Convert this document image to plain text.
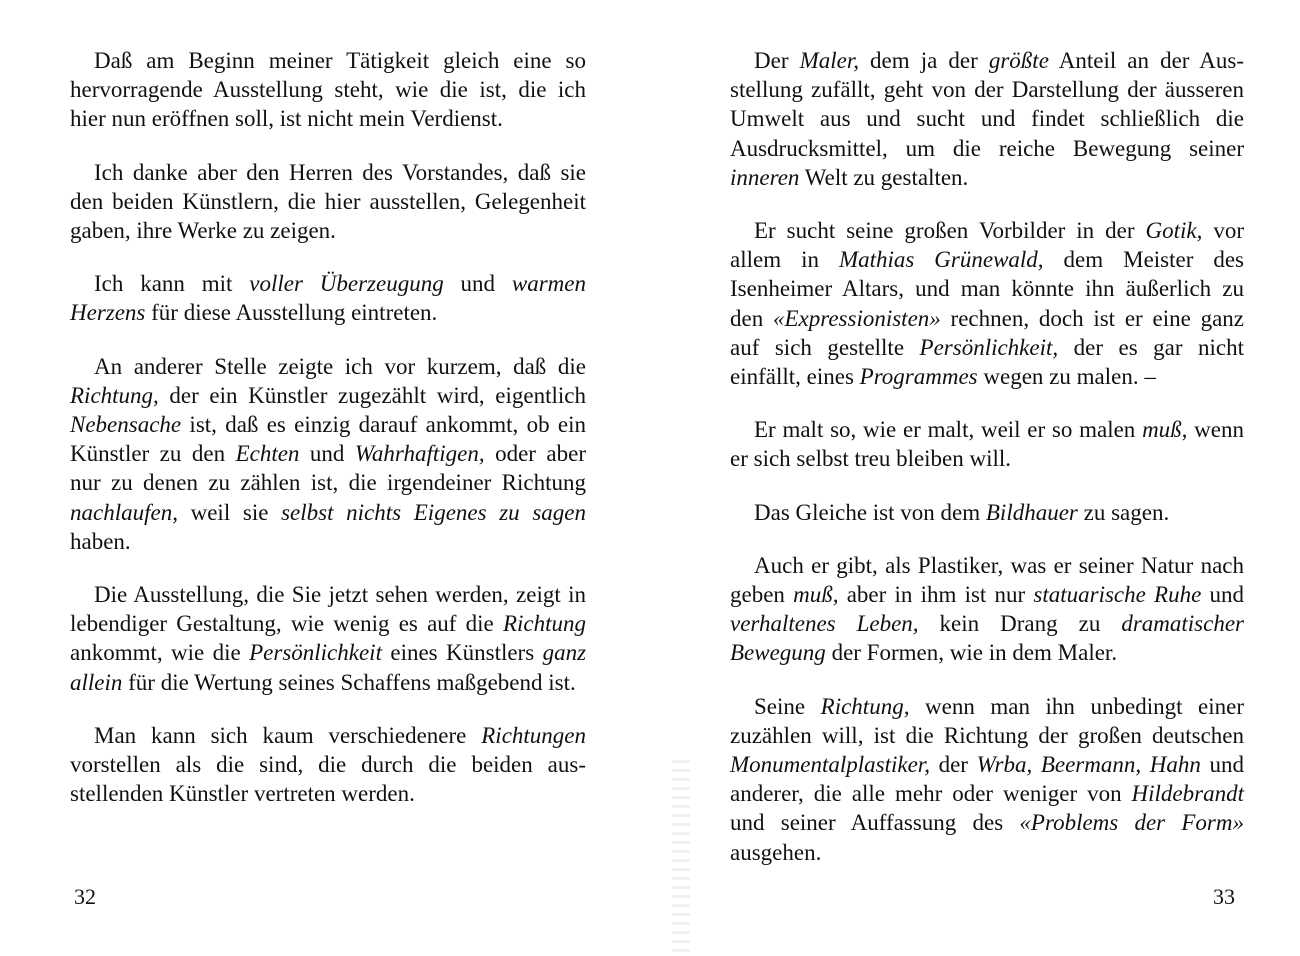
Daß am Beginn meiner Tätigkeit gleich eine so hervorragende Ausstellung steht, wie die ist, die ich hier nun eröffnen soll, ist nicht mein Verdienst.

Ich danke aber den Herren des Vorstandes, daß sie den beiden Künstlern, die hier ausstellen, Gelegenheit gaben, ihre Werke zu zeigen.

Ich kann mit voller Überzeugung und warmen Herzens für diese Ausstellung eintreten.

An anderer Stelle zeigte ich vor kurzem, daß die Richtung, der ein Künstler zugezählt wird, eigentlich Nebensache ist, daß es einzig darauf ankommt, ob ein Künstler zu den Echten und Wahrhaftigen, oder aber nur zu denen zu zählen ist, die irgendeiner Richtung nachlaufen, weil sie selbst nichts Eigenes zu sagen haben.

Die Ausstellung, die Sie jetzt sehen werden, zeigt in lebendiger Gestaltung, wie wenig es auf die Richtung ankommt, wie die Persönlichkeit eines Künstlers ganz allein für die Wertung seines Schaffens maßgebend ist.

Man kann sich kaum verschiedenere Richtungen vorstellen als die sind, die durch die beiden ausstellenden Künstler vertreten werden.

32

Der Maler, dem ja der größte Anteil an der Ausstellung zufällt, geht von der Darstellung der äusseren Umwelt aus und sucht und findet schließlich die Ausdrucksmittel, um die reiche Bewegung seiner inneren Welt zu gestalten.

Er sucht seine großen Vorbilder in der Gotik, vor allem in Mathias Grünewald, dem Meister des Isenheimer Altars, und man könnte ihn äußerlich zu den «Expressionisten» rechnen, doch ist er eine ganz auf sich gestellte Persönlichkeit, der es gar nicht einfällt, eines Programmes wegen zu malen. –

Er malt so, wie er malt, weil er so malen muß, wenn er sich selbst treu bleiben will.

Das Gleiche ist von dem Bildhauer zu sagen.

Auch er gibt, als Plastiker, was er seiner Natur nach geben muß, aber in ihm ist nur statuarische Ruhe und verhaltenes Leben, kein Drang zu dramatischer Bewegung der Formen, wie in dem Maler.

Seine Richtung, wenn man ihn unbedingt einer zuzählen will, ist die Richtung der großen deutschen Monumentalplastiker, der Wrba, Beermann, Hahn und anderer, die alle mehr oder weniger von Hildebrandt und seiner Auffassung des «Problems der Form» ausgehen.

33
